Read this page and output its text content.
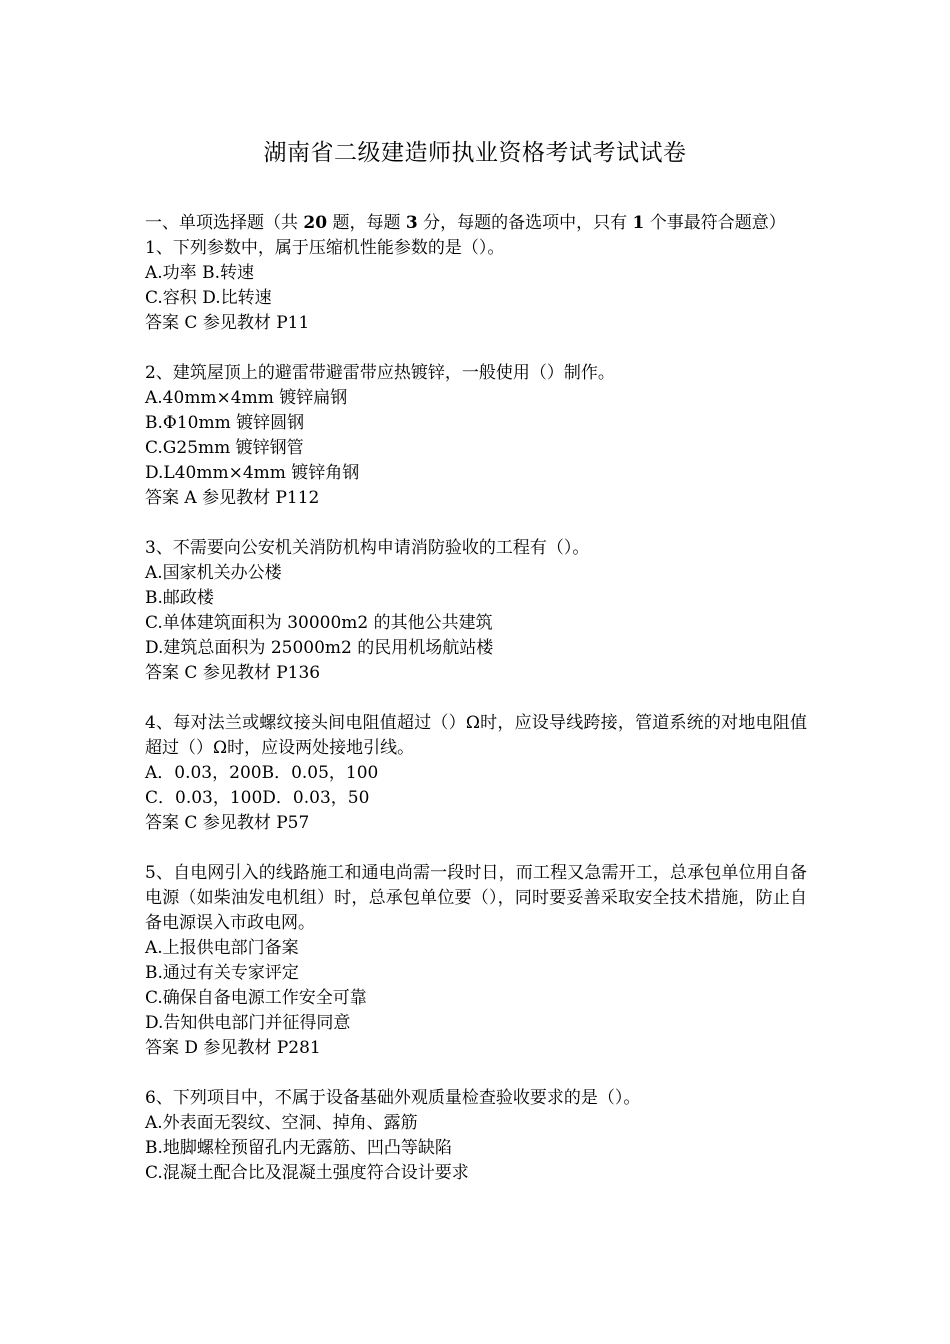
湖南省二级建造师执业资格考试考试试卷
一、单项选择题（共 20 题，每题 3 分，每题的备选项中，只有 1 个事最符合题意）
1、下列参数中，属于压缩机性能参数的是（）。
A.功率 B.转速
C.容积 D.比转速
答案 C 参见教材 P11
2、建筑屋顶上的避雷带避雷带应热镀锌，一般使用（）制作。
A.40mm×4mm 镀锌扁钢
B.Φ10mm 镀锌圆钢
C.G25mm 镀锌钢管
D.L40mm×4mm 镀锌角钢
答案 A 参见教材 P112
3、不需要向公安机关消防机构申请消防验收的工程有（）。
A.国家机关办公楼
B.邮政楼
C.单体建筑面积为 30000m2 的其他公共建筑
D.建筑总面积为 25000m2 的民用机场航站楼
答案 C 参见教材 P136
4、每对法兰或螺纹接头间电阻值超过（）Ω时，应设导线跨接，管道系统的对地电阻值超过（）Ω时，应设两处接地引线。
A．0.03，200B．0.05，100
C．0.03，100D．0.03，50
答案 C 参见教材 P57
5、自电网引入的线路施工和通电尚需一段时日，而工程又急需开工，总承包单位用自备电源（如柴油发电机组）时，总承包单位要（），同时要妥善采取安全技术措施，防止自备电源误入市政电网。
A.上报供电部门备案
B.通过有关专家评定
C.确保自备电源工作安全可靠
D.告知供电部门并征得同意
答案 D 参见教材 P281
6、下列项目中，不属于设备基础外观质量检查验收要求的是（）。
A.外表面无裂纹、空洞、掉角、露筋
B.地脚螺栓预留孔内无露筋、凹凸等缺陷
C.混凝土配合比及混凝土强度符合设计要求
